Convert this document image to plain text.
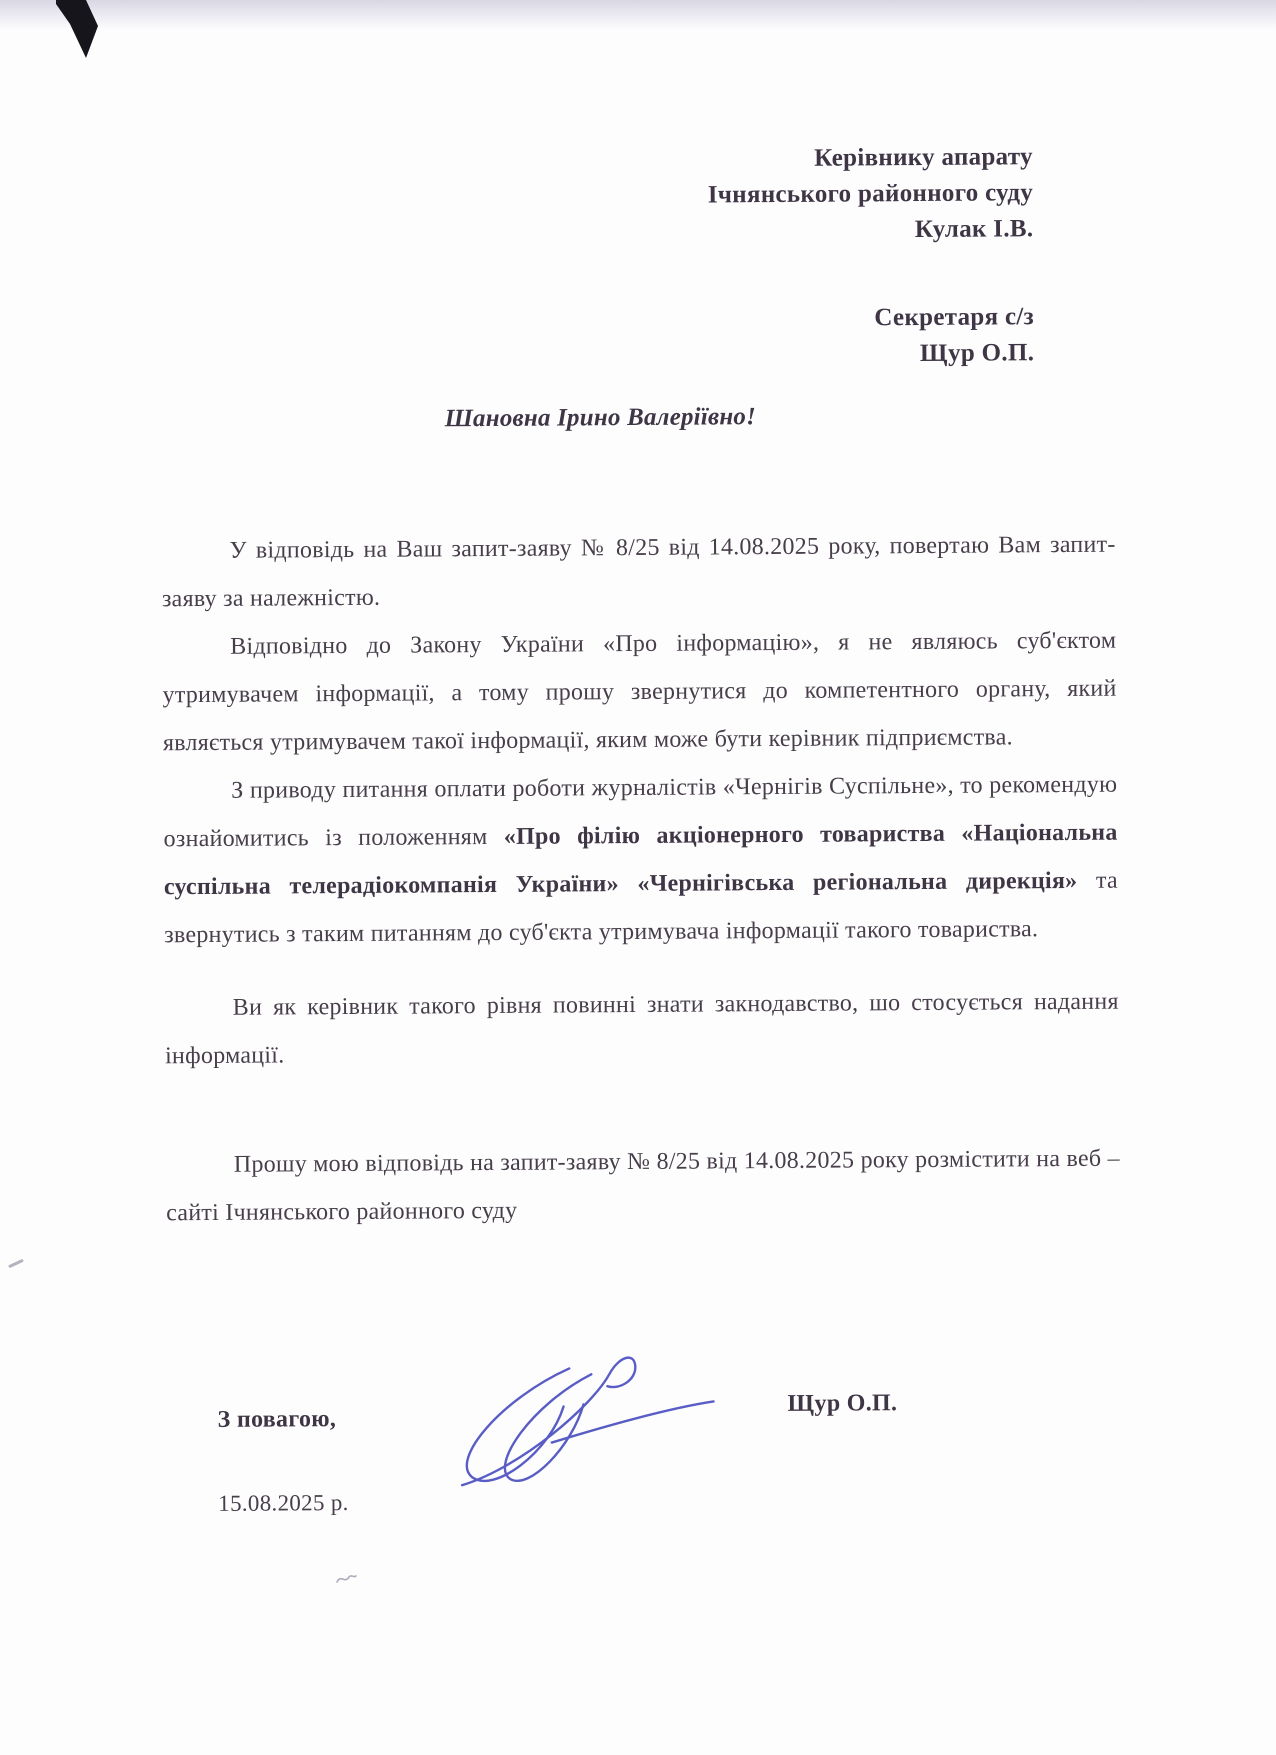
Керівнику апарату
Ічнянського районного суду
Кулак І.В.
Секретаря с/з
Щур О.П.
Шановна Ірино Валеріївно!

У відповідь на Ваш запит-заяву № 8/25 від 14.08.2025 року, повертаю Вам запит-заяву за належністю.

Відповідно до Закону України «Про інформацію», я не являюсь суб'єктом утримувачем інформації, а тому прошу звернутися до компетентного органу, який являється утримувачем такої інформації, яким може бути керівник підприємства.

З приводу питання оплати роботи журналістів «Чернігів Суспільне», то рекомендую ознайомитись із положенням «Про філію акціонерного товариства «Національна суспільна телерадіокомпанія України» «Чернігівська регіональна дирекція» та звернутись з таким питанням до суб'єкта утримувача інформації такого товариства.

Ви як керівник такого рівня повинні знати закнодавство, шо стосується надання інформації.

Прошу мою відповідь на запит-заяву № 8/25 від 14.08.2025 року розмістити на веб – сайті Ічнянського районного суду

З повагою,
Щур О.П.
15.08.2025 р.
